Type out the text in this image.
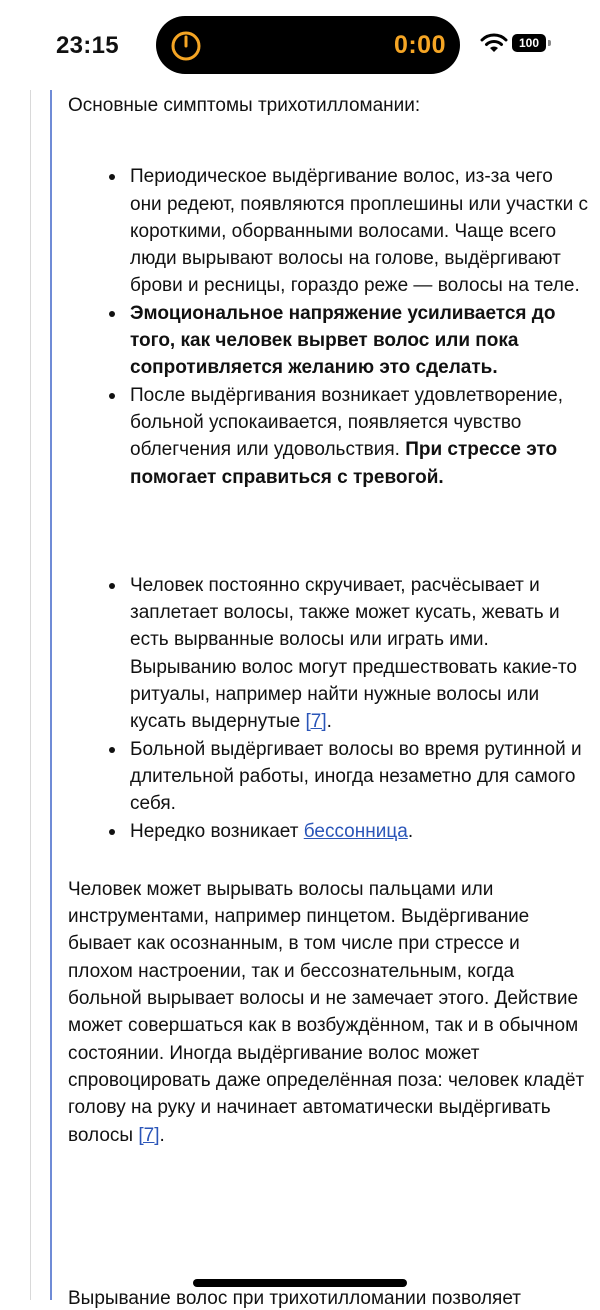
23:15	0:00	100

Основные симптомы трихотилломании:

Периодическое выдёргивание волос, из-за чего они редеют, появляются проплешины или участки с короткими, оборванными волосами. Чаще всего люди вырывают волосы на голове, выдёргивают брови и ресницы, гораздо реже — волосы на теле.
Эмоциональное напряжение усиливается до того, как человек вырвет волос или пока сопротивляется желанию это сделать.
После выдёргивания возникает удовлетворение, больной успокаивается, появляется чувство облегчения или удовольствия. При стрессе это помогает справиться с тревогой.
Человек постоянно скручивает, расчёсывает и заплетает волосы, также может кусать, жевать и есть вырванные волосы или играть ими. Вырыванию волос могут предшествовать какие-то ритуалы, например найти нужные волосы или кусать выдернутые [7].
Больной выдёргивает волосы во время рутинной и длительной работы, иногда незаметно для самого себя.
Нередко возникает бессонница.

Человек может вырывать волосы пальцами или инструментами, например пинцетом. Выдёргивание бывает как осознанным, в том числе при стрессе и плохом настроении, так и бессознательным, когда больной вырывает волосы и не замечает этого. Действие может совершаться как в возбуждённом, так и в обычном состоянии. Иногда выдёргивание волос может спровоцировать даже определённая поза: человек кладёт голову на руку и начинает автоматически выдёргивать волосы [7].

Вырывание волос при трихотилломании позволяет
